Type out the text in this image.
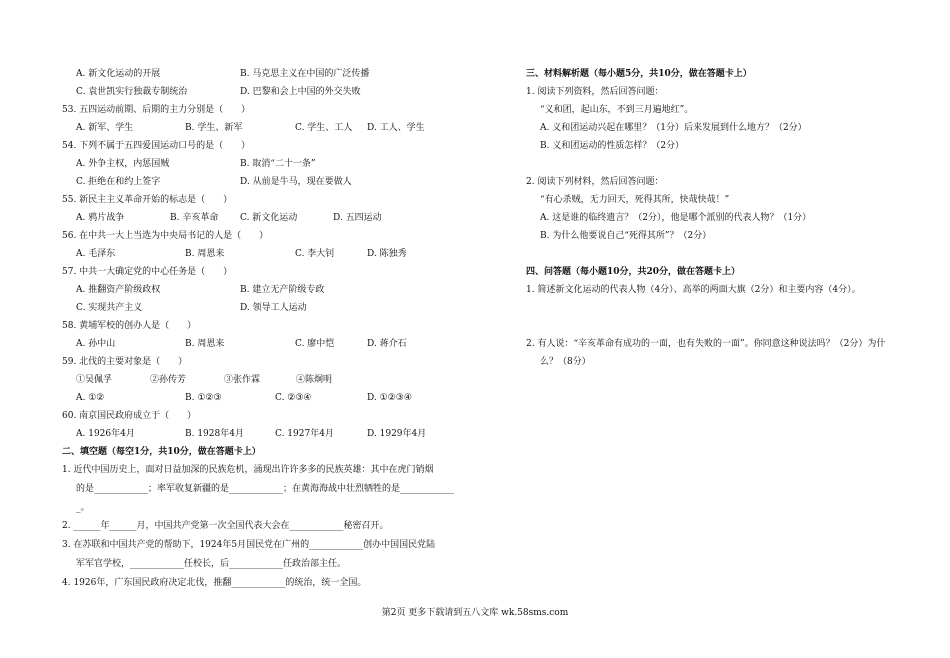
A. 新文化运动的开展	B. 马克思主义在中国的广泛传播
C. 袁世凯实行独裁专制统治	D. 巴黎和会上中国的外交失败
53. 五四运动前期、后期的主力分别是（　　）
A. 新军、学生	B. 学生、新军	C. 学生、工人 D. 工人、学生
54. 下列不属于五四爱国运动口号的是（　　）
A. 外争主权，内惩国贼	B. 取消“二十一条”
C. 拒绝在和约上签字	D. 从前是牛马，现在要做人
55. 新民主主义革命开始的标志是（　　）
A. 鸦片战争	B. 辛亥革命 C. 新文化运动	D. 五四运动
56. 在中共一大上当选为中央局书记的人是（　　）
A. 毛泽东	B. 周恩来	C. 李大钊	D. 陈独秀
57. 中共一大确定党的中心任务是（　　）
A. 推翻资产阶级政权	B. 建立无产阶级专政
C. 实现共产主义	D. 领导工人运动
58. 黄埔军校的创办人是（　　）
A. 孙中山	B. 周恩来	C. 廖中恺	D. 蒋介石
59. 北伐的主要对象是（　　）
①吴佩孚	②孙传芳	③张作霖	④陈炯明
A. ①②	B. ①②③	C. ②③④	D. ①②③④
60. 南京国民政府成立于（　　）
A. 1926年4月	B. 1928年4月	C. 1927年4月	D. 1929年4月
二、填空题（每空1分，共10分，做在答题卡上）
1. 近代中国历史上，面对日益加深的民族危机，涌现出许许多多的民族英雄：其中在虎门销烟
的是____________；率军收复新疆的是____________；在黄海海战中壮烈牺牲的是____________
_。
2. ______年______月，中国共产党第一次全国代表大会在____________秘密召开。
3. 在苏联和中国共产党的帮助下，1924年5月国民党在广州的____________创办中国国民党陆
军军官学校，____________任校长，后____________任政治部主任。
4. 1926年，广东国民政府决定北伐，推翻____________的统治，统一全国。
三、材料解析题（每小题5分，共10分，做在答题卡上）
1. 阅读下列资料，然后回答问题：
“义和团，起山东，不到三月遍地红”。
A. 义和团运动兴起在哪里？（1分）后来发展到什么地方？（2分）
B. 义和团运动的性质怎样？（2分）
2. 阅读下列材料，然后回答问题：
“有心杀贼，无力回天，死得其所，快哉快哉！”
A. 这是谁的临终遗言？（2分），他是哪个派别的代表人物？（1分）
B. 为什么他要说自己“死得其所”？（2分）
四、问答题（每小题10分，共20分，做在答题卡上）
1. 简述新文化运动的代表人物（4分）、高举的两面大旗（2分）和主要内容（4分）。
2. 有人说：“辛亥革命有成功的一面，也有失败的一面”。你同意这种说法吗？（2分）为什
么？（8分）
第2页 更多下载请到五八文库 wk.58sms.com
